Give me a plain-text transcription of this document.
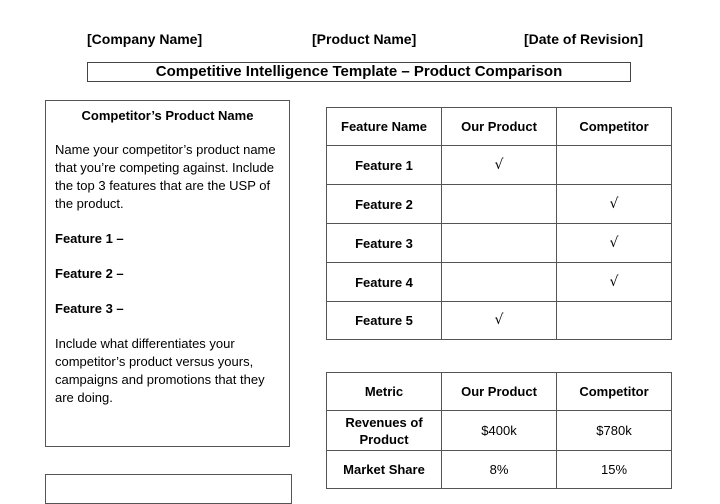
[Company Name]	[Product Name]	[Date of Revision]
Competitive Intelligence Template – Product Comparison

Competitor’s Product Name

Name your competitor’s product name that you’re competing against. Include the top 3 features that are the USP of the product.

Feature 1 –

Feature 2 –

Feature 3 –

Include what differentiates your competitor’s product versus yours, campaigns and promotions that they are doing.

Feature Name	Our Product	Competitor
Feature 1	√	
Feature 2		√
Feature 3		√
Feature 4		√
Feature 5	√	
Metric	Our Product	Competitor
Revenues of Product	$400k	$780k
Market Share	8%	15%
